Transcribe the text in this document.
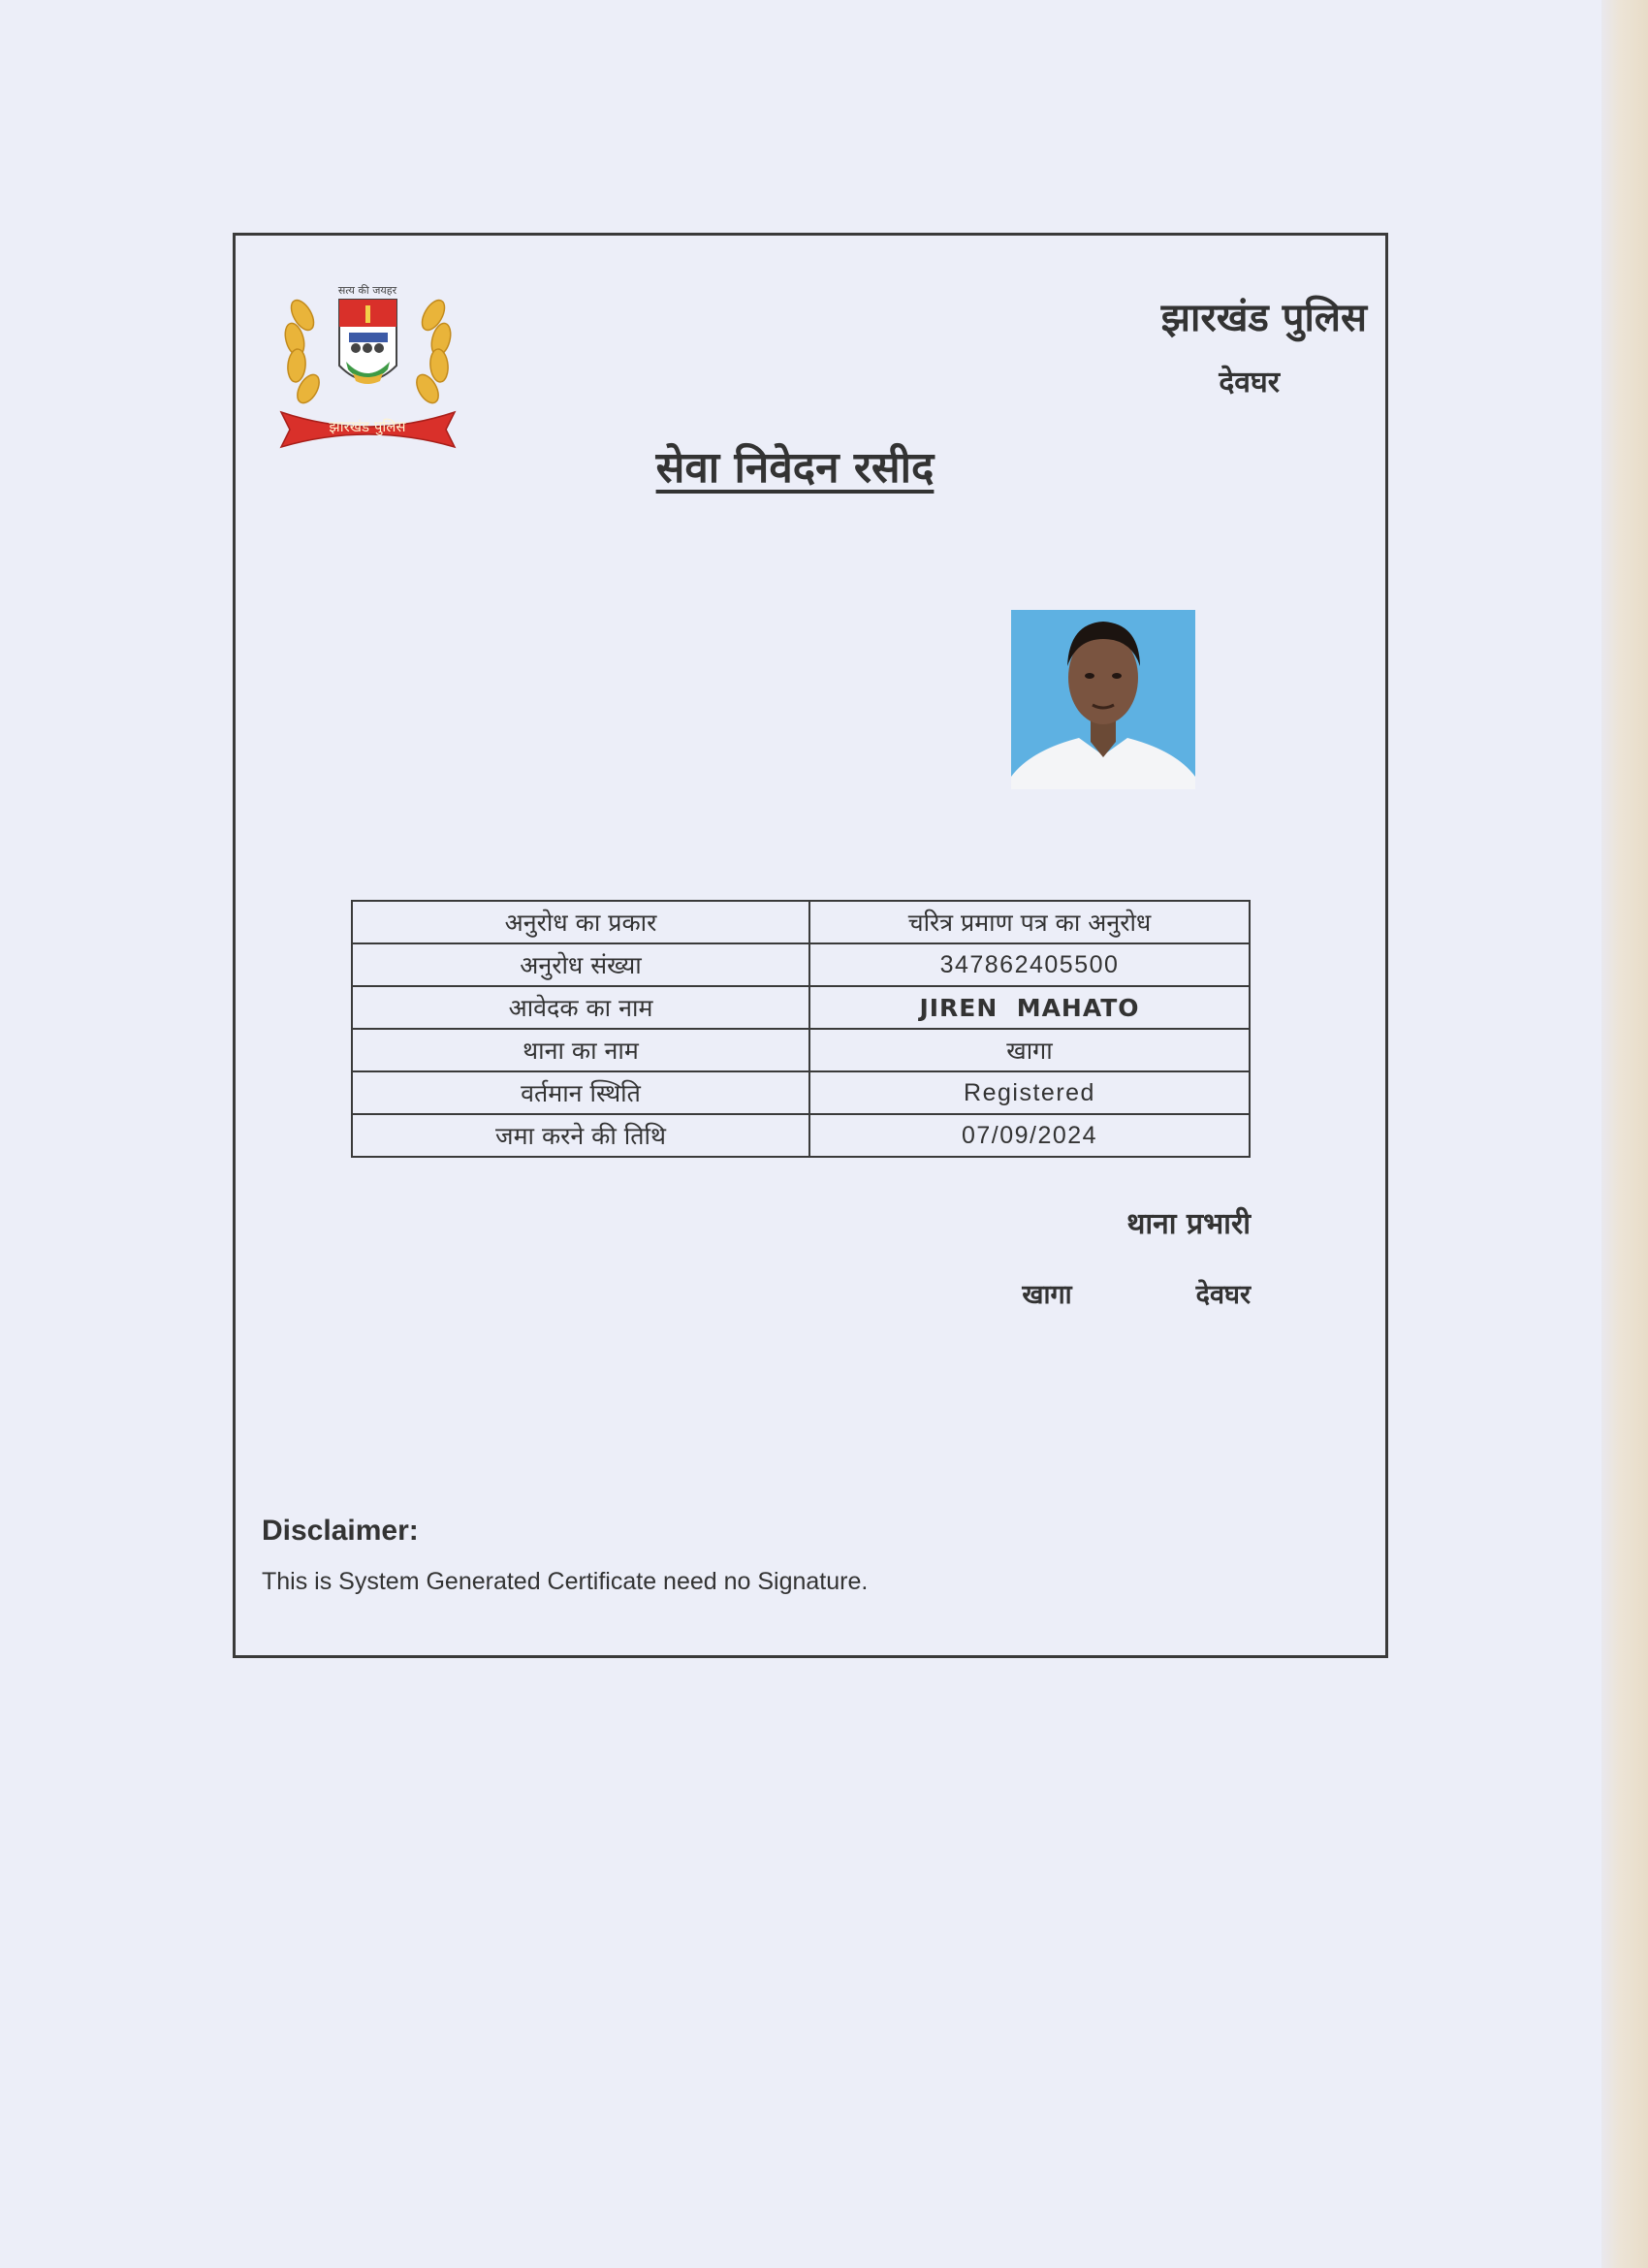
सत्य की जयहर
झारखंड पुलिस
झारखंड पुलिस
देवघर
सेवा निवेदन रसीद
अनुरोध का प्रकार	चरित्र प्रमाण पत्र का अनुरोध
अनुरोध संख्या	347862405500
आवेदक का नाम	JIREN  MAHATO
थाना का नाम	खागा
वर्तमान स्थिति	Registered
जमा करने की तिथि	07/09/2024
थाना प्रभारी
खागा	देवघर
Disclaimer:
This is System Generated Certificate need no Signature.
